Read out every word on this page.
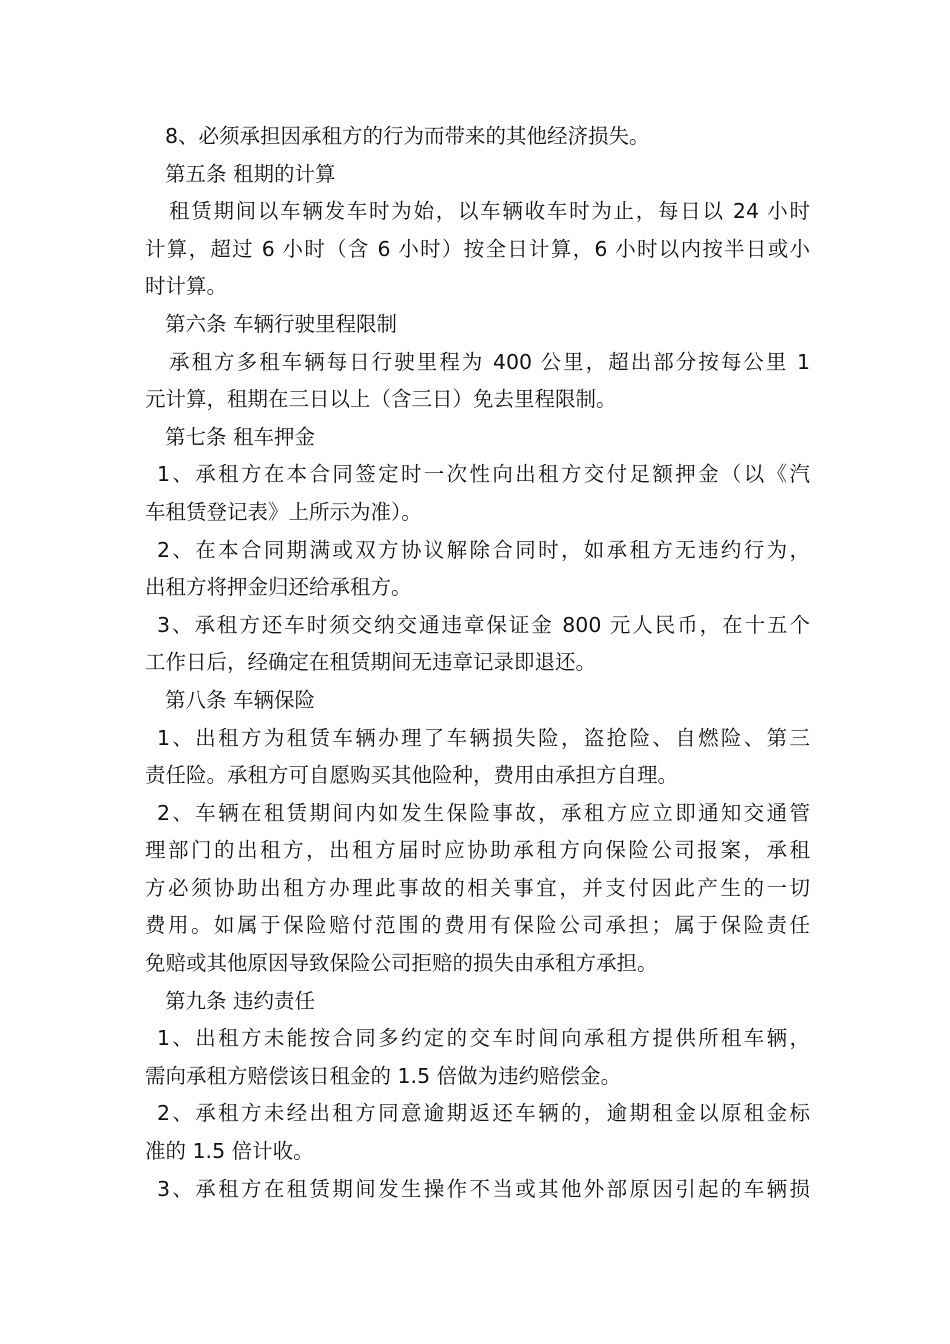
8、必须承担因承租方的行为而带来的其他经济损失。
第五条 租期的计算
租赁期间以车辆发车时为始，以车辆收车时为止，每日以 24 小时
计算，超过 6 小时（含 6 小时）按全日计算，6 小时以内按半日或小
时计算。
第六条 车辆行驶里程限制
承租方多租车辆每日行驶里程为 400 公里，超出部分按每公里 1
元计算，租期在三日以上（含三日）免去里程限制。
第七条 租车押金
1、承租方在本合同签定时一次性向出租方交付足额押金（以《汽
车租赁登记表》上所示为准）。
2、在本合同期满或双方协议解除合同时，如承租方无违约行为，
出租方将押金归还给承租方。
3、承租方还车时须交纳交通违章保证金 800 元人民币，在十五个
工作日后，经确定在租赁期间无违章记录即退还。
第八条 车辆保险
1、出租方为租赁车辆办理了车辆损失险，盗抢险、自燃险、第三
责任险。承租方可自愿购买其他险种，费用由承担方自理。
2、车辆在租赁期间内如发生保险事故，承租方应立即通知交通管
理部门的出租方，出租方届时应协助承租方向保险公司报案，承租
方必须协助出租方办理此事故的相关事宜，并支付因此产生的一切
费用。如属于保险赔付范围的费用有保险公司承担；属于保险责任
免赔或其他原因导致保险公司拒赔的损失由承租方承担。
第九条 违约责任
1、出租方未能按合同多约定的交车时间向承租方提供所租车辆，
需向承租方赔偿该日租金的 1.5 倍做为违约赔偿金。
2、承租方未经出租方同意逾期返还车辆的，逾期租金以原租金标
准的 1.5 倍计收。
3、承租方在租赁期间发生操作不当或其他外部原因引起的车辆损
